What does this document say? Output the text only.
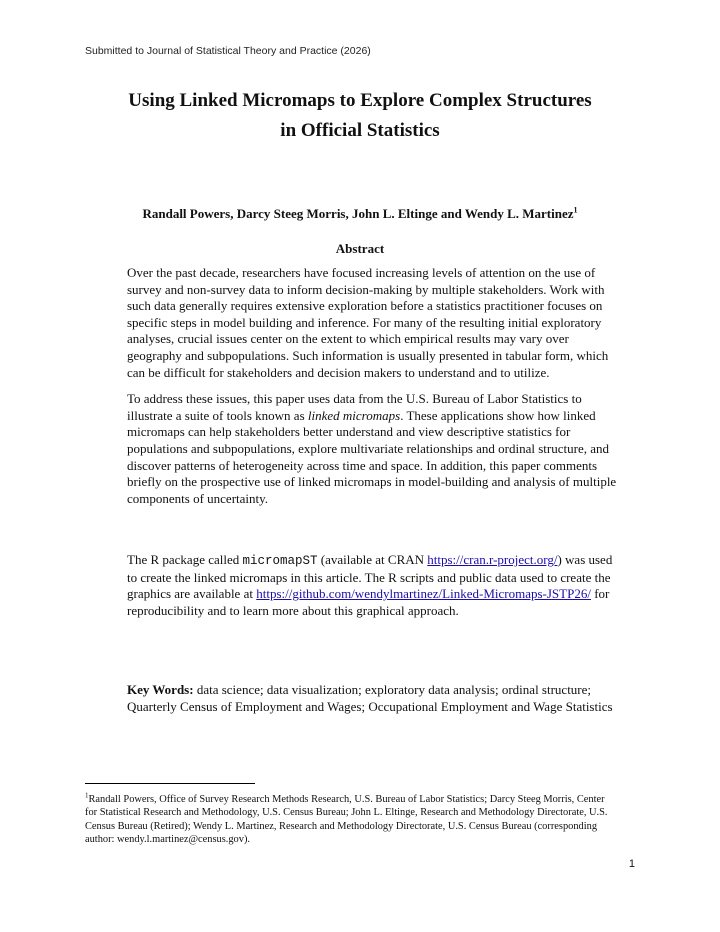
Submitted to Journal of Statistical Theory and Practice (2026)
Using Linked Micromaps to Explore Complex Structures
in Official Statistics
Randall Powers, Darcy Steeg Morris, John L. Eltinge and Wendy L. Martinez$^1$
Abstract

Over the past decade, researchers have focused increasing levels of attention on the use of survey and non-survey data to inform decision-making by multiple stakeholders. Work with such data generally requires extensive exploration before a statistics practitioner focuses on specific steps in model building and inference. For many of the resulting initial exploratory analyses, crucial issues center on the extent to which empirical results may vary over geography and subpopulations. Such information is usually presented in tabular form, which can be difficult for stakeholders and decision makers to understand and to utilize.

To address these issues, this paper uses data from the U.S. Bureau of Labor Statistics to illustrate a suite of tools known as linked micromaps. These applications show how linked micromaps can help stakeholders better understand and view descriptive statistics for populations and subpopulations, explore multivariate relationships and ordinal structure, and discover patterns of heterogeneity across time and space. In addition, this paper comments briefly on the prospective use of linked micromaps in model-building and analysis of multiple components of uncertainty.

The R package called micromapST (available at CRAN https://cran.r-project.org/) was used to create the linked micromaps in this article. The R scripts and public data used to create the graphics are available at https://github.com/wendylmartinez/Linked-Micromaps-JSTP26/ for reproducibility and to learn more about this graphical approach.
Key Words: data science; data visualization; exploratory data analysis; ordinal structure; Quarterly Census of Employment and Wages; Occupational Employment and Wage Statistics
$^1$Randall Powers, Office of Survey Research Methods Research, U.S. Bureau of Labor Statistics; Darcy Steeg Morris, Center for Statistical Research and Methodology, U.S. Census Bureau; John L. Eltinge, Research and Methodology Directorate, U.S. Census Bureau (Retired); Wendy L. Martinez, Research and Methodology Directorate, U.S. Census Bureau (corresponding author: wendy.l.martinez@census.gov).
1
